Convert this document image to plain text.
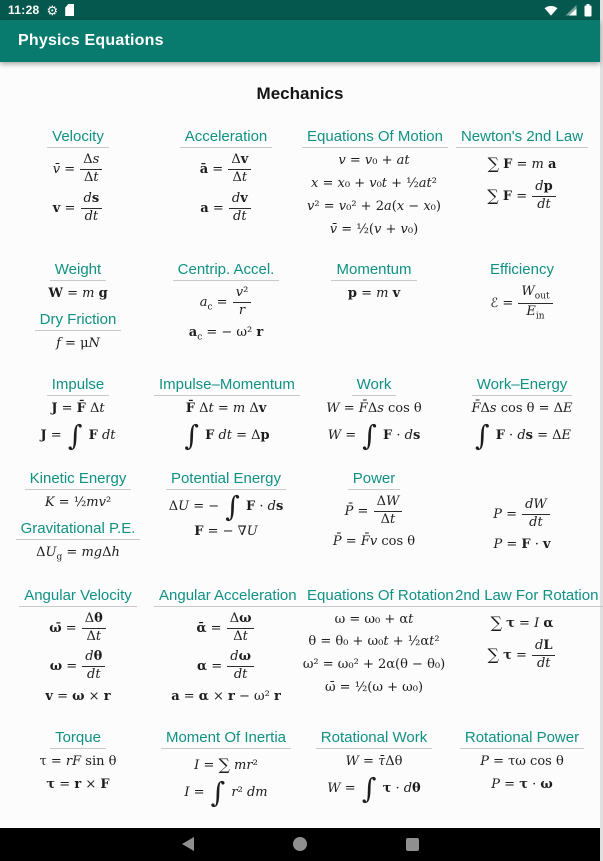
11:28 ⚙
Physics Equations
Mechanics
Velocity
v̄ = $\frac{\Delta s}{\Delta t}$
$v = \frac{ds}{dt}$
Acceleration
ā = $\frac{\Delta v}{\Delta t}$
$a = \frac{dv}{dt}$
Equations Of Motion
v = v₀ + at
x = x₀ + v₀t + ½at²
v² = v₀² + 2a(x − x₀)
v̄ = ½(v + v₀)
Newton's 2nd Law
∑ F = m a
∑ $F = \frac{dp}{dt}$
Weight
W = m g
Dry Friction
f = μN
Centrip. Accel.
$a_c = \frac{\text{v²}}{r}$
$a_c$ = − ω² r
Momentum
p = m v
Efficiency
ℰ = $\frac{W_{out}}{E_{in}}$
Impulse
J = F̄ Δt
J = ∫ F dt
Impulse–Momentum
F̄ Δt = m Δv
∫ F dt = Δp
Work
W = F̄Δs cos θ
W = ∫ F · ds
Work–Energy
F̄Δs cos θ = ΔE
∫ F · ds = ΔE
Kinetic Energy
K = ½mv²
Gravitational P.E.
$\Delta U_g = mg\Delta h$
Potential Energy
ΔU = − ∫ F · ds
F = − ∇U
Power
P̄ = $\frac{\Delta W}{\Delta t}$
P̄ = F̄v cos θ
$P = \frac{dW}{dt}$
P = F · v
Angular Velocity
ω̄ = $\frac{\Delta\theta}{\Delta t}$
$\omega = \frac{d\theta}{dt}$
v = ω × r
Angular Acceleration
ᾱ = $\frac{\Delta\omega}{\Delta t}$
$\alpha = \frac{d\omega}{dt}$
a = α × r − ω² r
Equations Of Rotation
ω = ω₀ + αt
θ = θ₀ + ω₀t + ½αt²
ω² = ω₀² + 2α(θ − θ₀)
ω̄ = ½(ω + ω₀)
2nd Law For Rotation
∑ τ = I α
∑ $\tau = \frac{dL}{dt}$
Torque
τ = rF sin θ
τ = r × F
Moment Of Inertia
I = ∑ mr²
I = ∫ r² dm
Rotational Work
W = τ̄Δθ
W = ∫ τ · dθ
Rotational Power
P = τω cos θ
P = τ · ω
